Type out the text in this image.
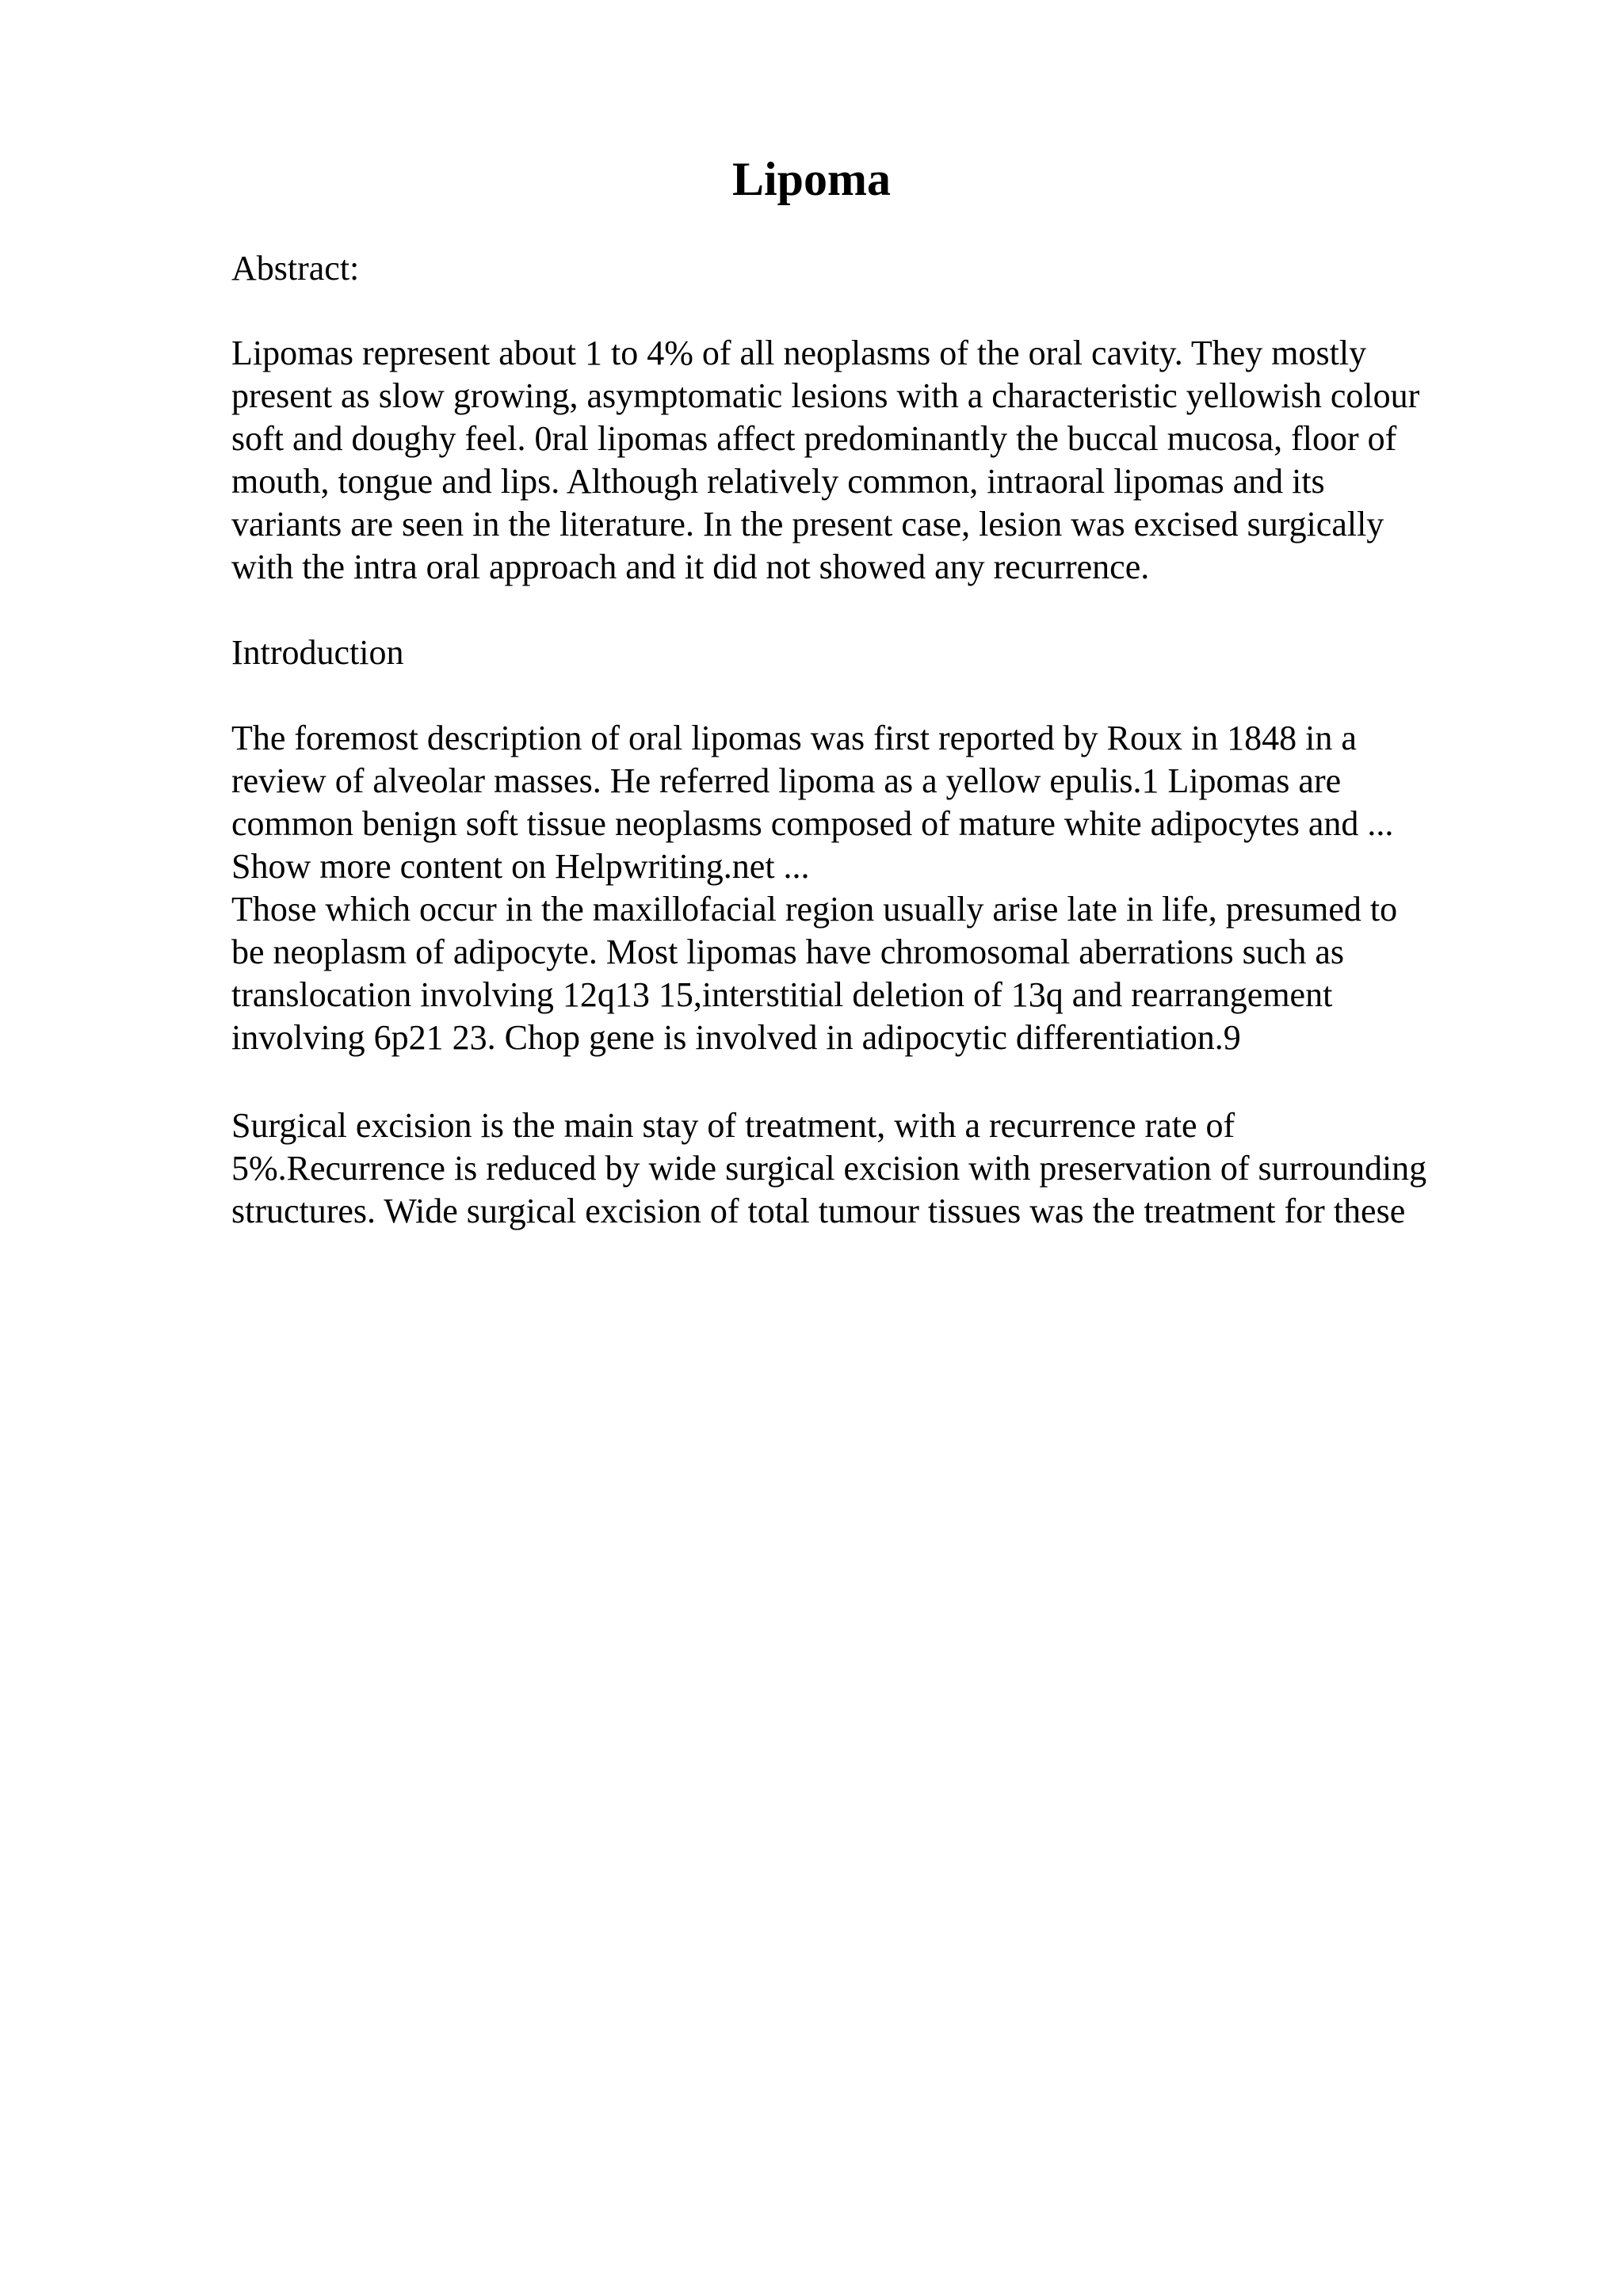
Lipoma

Abstract:

Lipomas represent about 1 to 4% of all neoplasms of the oral cavity. They mostly
present as slow growing, asymptomatic lesions with a characteristic yellowish colour
soft and doughy feel. 0ral lipomas affect predominantly the buccal mucosa, floor of
mouth, tongue and lips. Although relatively common, intraoral lipomas and its
variants are seen in the literature. In the present case, lesion was excised surgically
with the intra oral approach and it did not showed any recurrence.

Introduction

The foremost description of oral lipomas was first reported by Roux in 1848 in a
review of alveolar masses. He referred lipoma as a yellow epulis.1 Lipomas are
common benign soft tissue neoplasms composed of mature white adipocytes and ...
Show more content on Helpwriting.net ...
Those which occur in the maxillofacial region usually arise late in life, presumed to
be neoplasm of adipocyte. Most lipomas have chromosomal aberrations such as
translocation involving 12q13 15,interstitial deletion of 13q and rearrangement
involving 6p21 23. Chop gene is involved in adipocytic differentiation.9
Surgical excision is the main stay of treatment, with a recurrence rate of
5%.Recurrence is reduced by wide surgical excision with preservation of surrounding
structures. Wide surgical excision of total tumour tissues was the treatment for these
